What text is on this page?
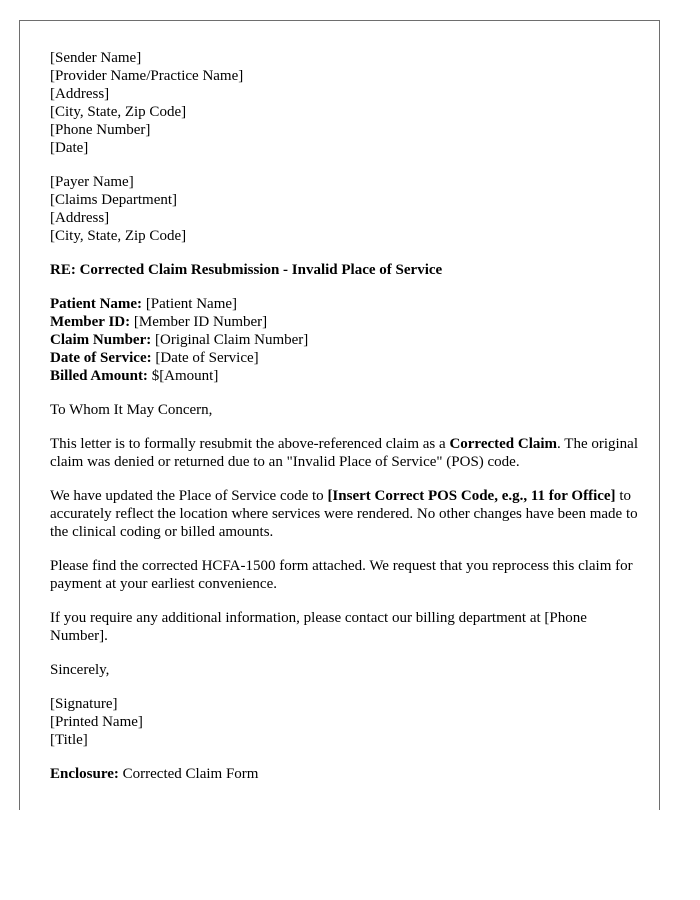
[Sender Name]
[Provider Name/Practice Name]
[Address]
[City, State, Zip Code]
[Phone Number]
[Date]
[Payer Name]
[Claims Department]
[Address]
[City, State, Zip Code]
RE: Corrected Claim Resubmission - Invalid Place of Service
Patient Name: [Patient Name]
Member ID: [Member ID Number]
Claim Number: [Original Claim Number]
Date of Service: [Date of Service]
Billed Amount: $[Amount]

To Whom It May Concern,

This letter is to formally resubmit the above-referenced claim as a Corrected Claim. The original claim was denied or returned due to an "Invalid Place of Service" (POS) code.

We have updated the Place of Service code to [Insert Correct POS Code, e.g., 11 for Office] to accurately reflect the location where services were rendered. No other changes have been made to the clinical coding or billed amounts.

Please find the corrected HCFA-1500 form attached. We request that you reprocess this claim for payment at your earliest convenience.

If you require any additional information, please contact our billing department at [Phone Number].

Sincerely,

[Signature]
[Printed Name]
[Title]
Enclosure: Corrected Claim Form
